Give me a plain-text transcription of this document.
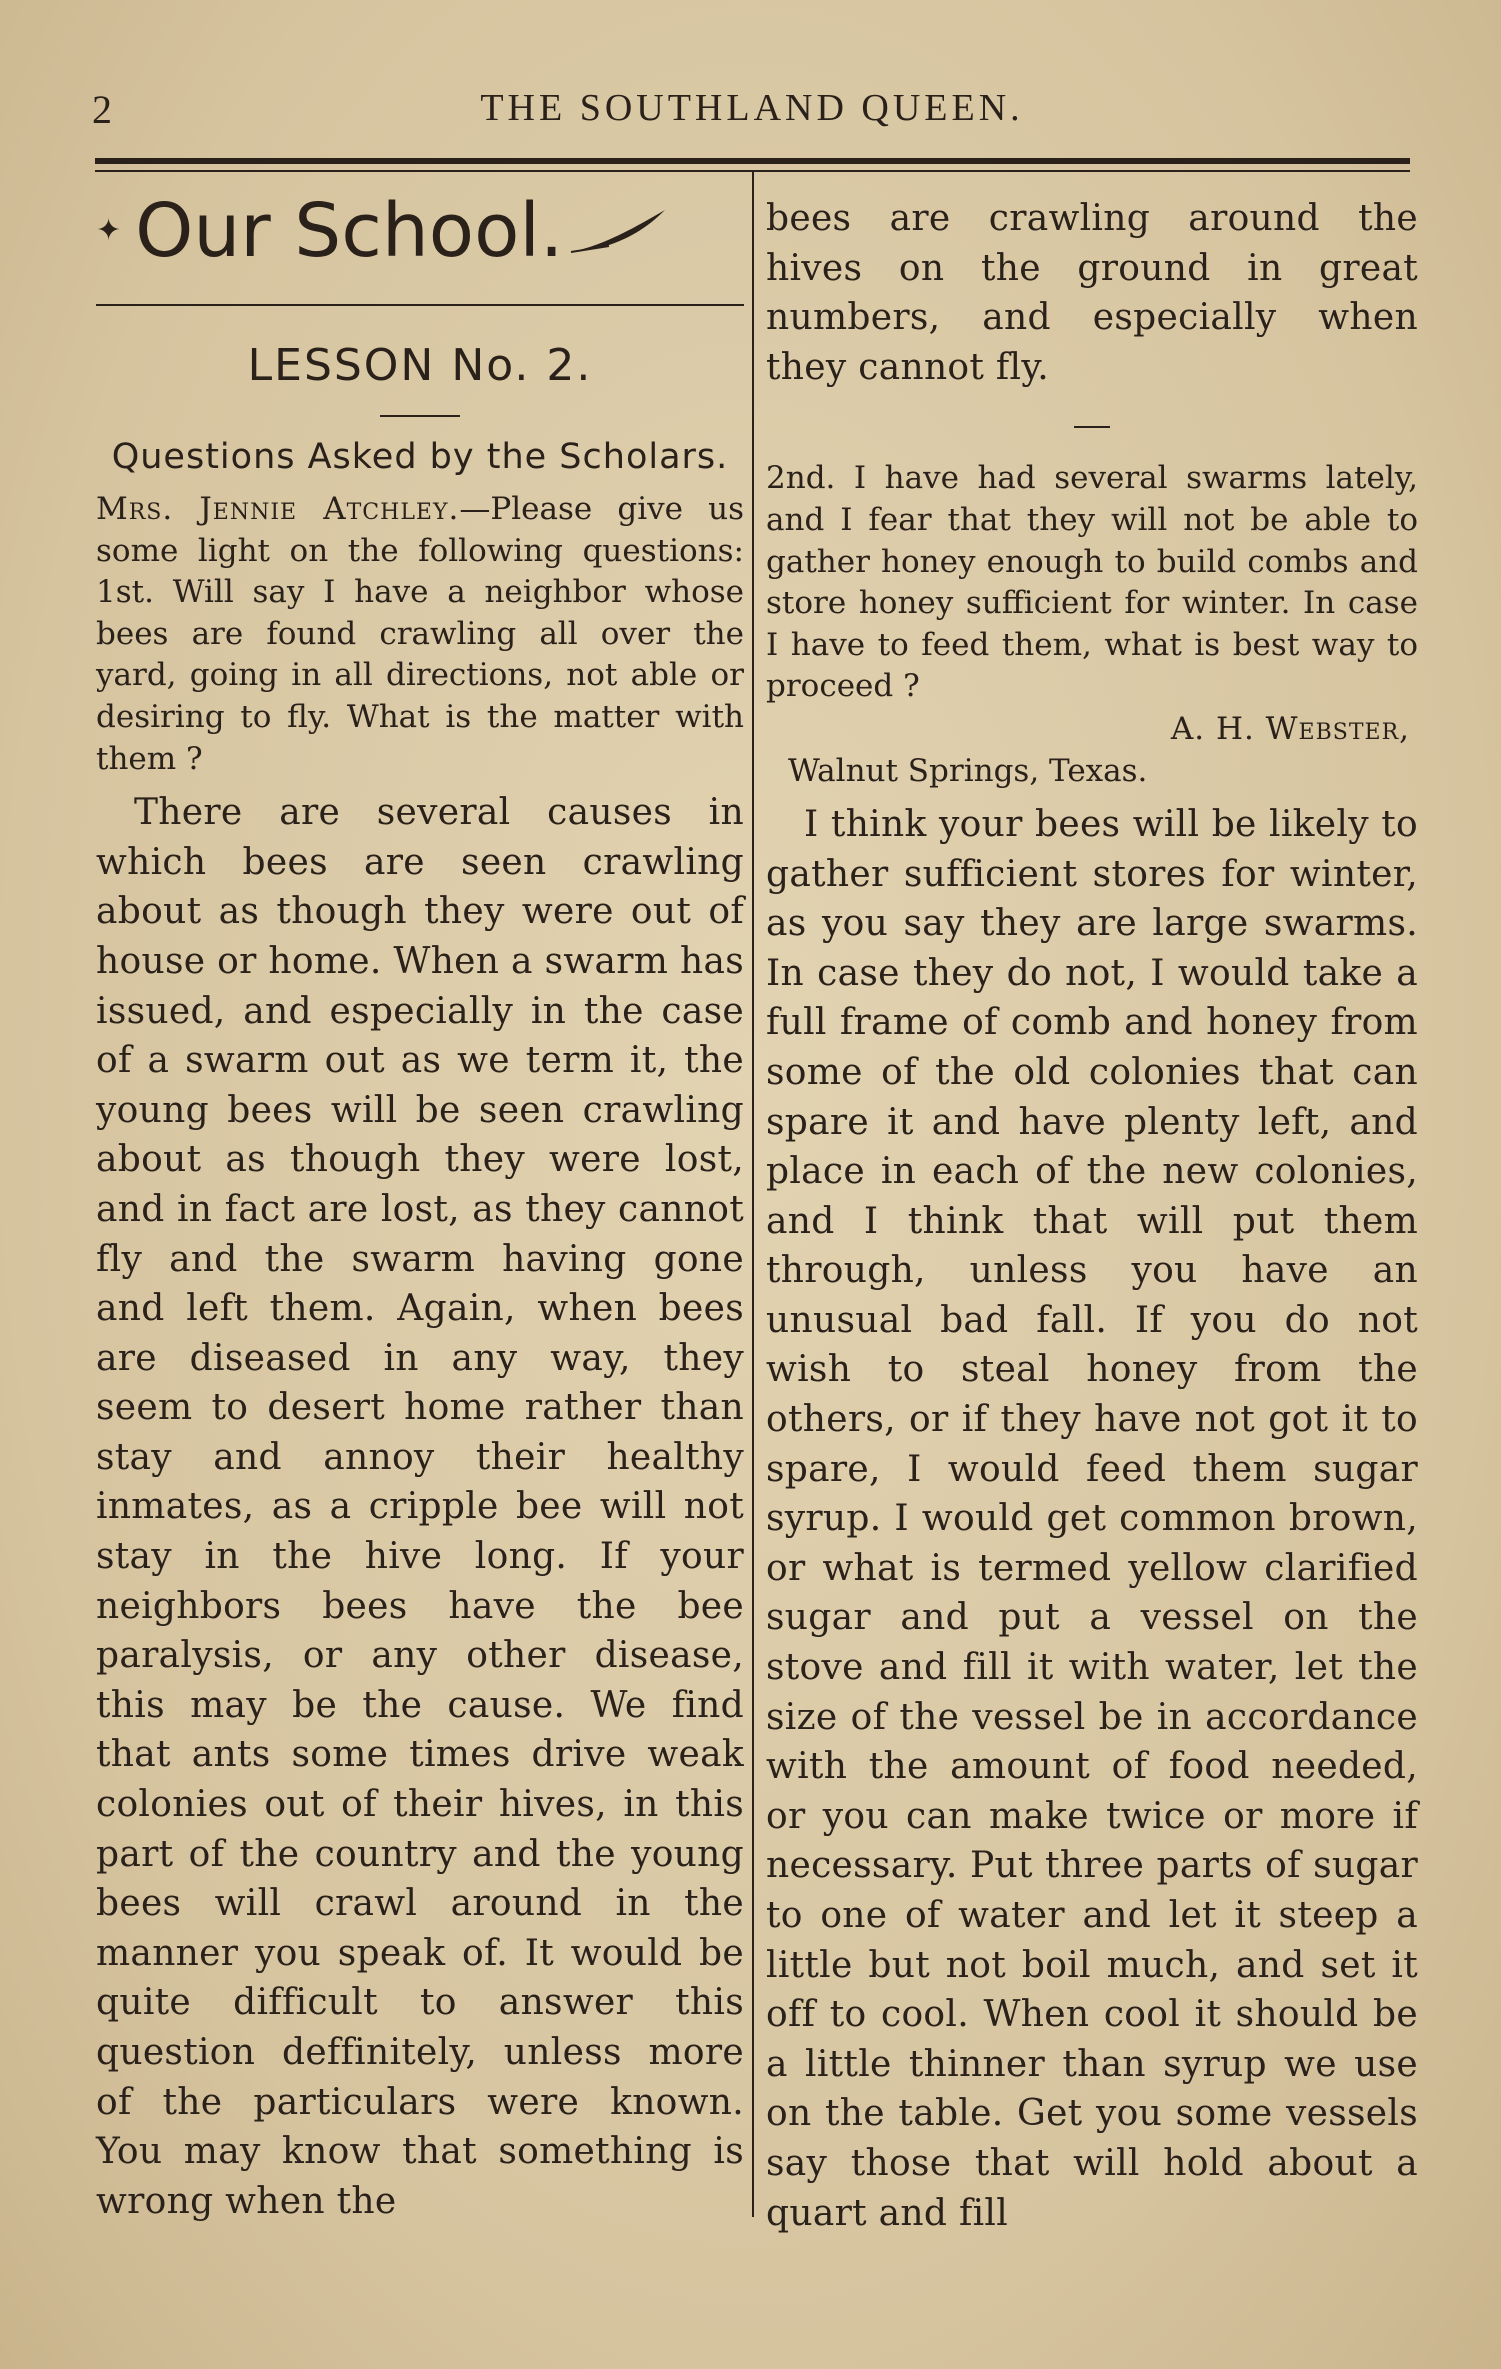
2	THE SOUTHLAND QUEEN.
✦ Our School.

LESSON No. 2.

Questions Asked by the Scholars.

Mrs. Jennie Atchley.—Please give us some light on the following questions: 1st. Will say I have a neighbor whose bees are found crawling all over the yard, going in all directions, not able or desiring to fly. What is the matter with them ?

There are several causes in which bees are seen crawling about as though they were out of house or home. When a swarm has issued, and especially in the case of a swarm out as we term it, the young bees will be seen crawling about as though they were lost, and in fact are lost, as they cannot fly and the swarm having gone and left them. Again, when bees are diseased in any way, they seem to desert home rather than stay and annoy their healthy inmates, as a cripple bee will not stay in the hive long. If your neighbors bees have the bee paralysis, or any other disease, this may be the cause. We find that ants some times drive weak colonies out of their hives, in this part of the country and the young bees will crawl around in the manner you speak of. It would be quite difficult to answer this question deffinitely, unless more of the particulars were known. You may know that something is wrong when the

bees are crawling around the hives on the ground in great numbers, and especially when they cannot fly.

2nd. I have had several swarms lately, and I fear that they will not be able to gather honey enough to build combs and store honey sufficient for winter. In case I have to feed them, what is best way to proceed ?

A. H. Webster,

Walnut Springs, Texas.

I think your bees will be likely to gather sufficient stores for winter, as you say they are large swarms. In case they do not, I would take a full frame of comb and honey from some of the old colonies that can spare it and have plenty left, and place in each of the new colonies, and I think that will put them through, unless you have an unusual bad fall. If you do not wish to steal honey from the others, or if they have not got it to spare, I would feed them sugar syrup. I would get common brown, or what is termed yellow clarified sugar and put a vessel on the stove and fill it with water, let the size of the vessel be in accordance with the amount of food needed, or you can make twice or more if necessary. Put three parts of sugar to one of water and let it steep a little but not boil much, and set it off to cool. When cool it should be a little thinner than syrup we use on the table. Get you some vessels say those that will hold about a quart and fill
